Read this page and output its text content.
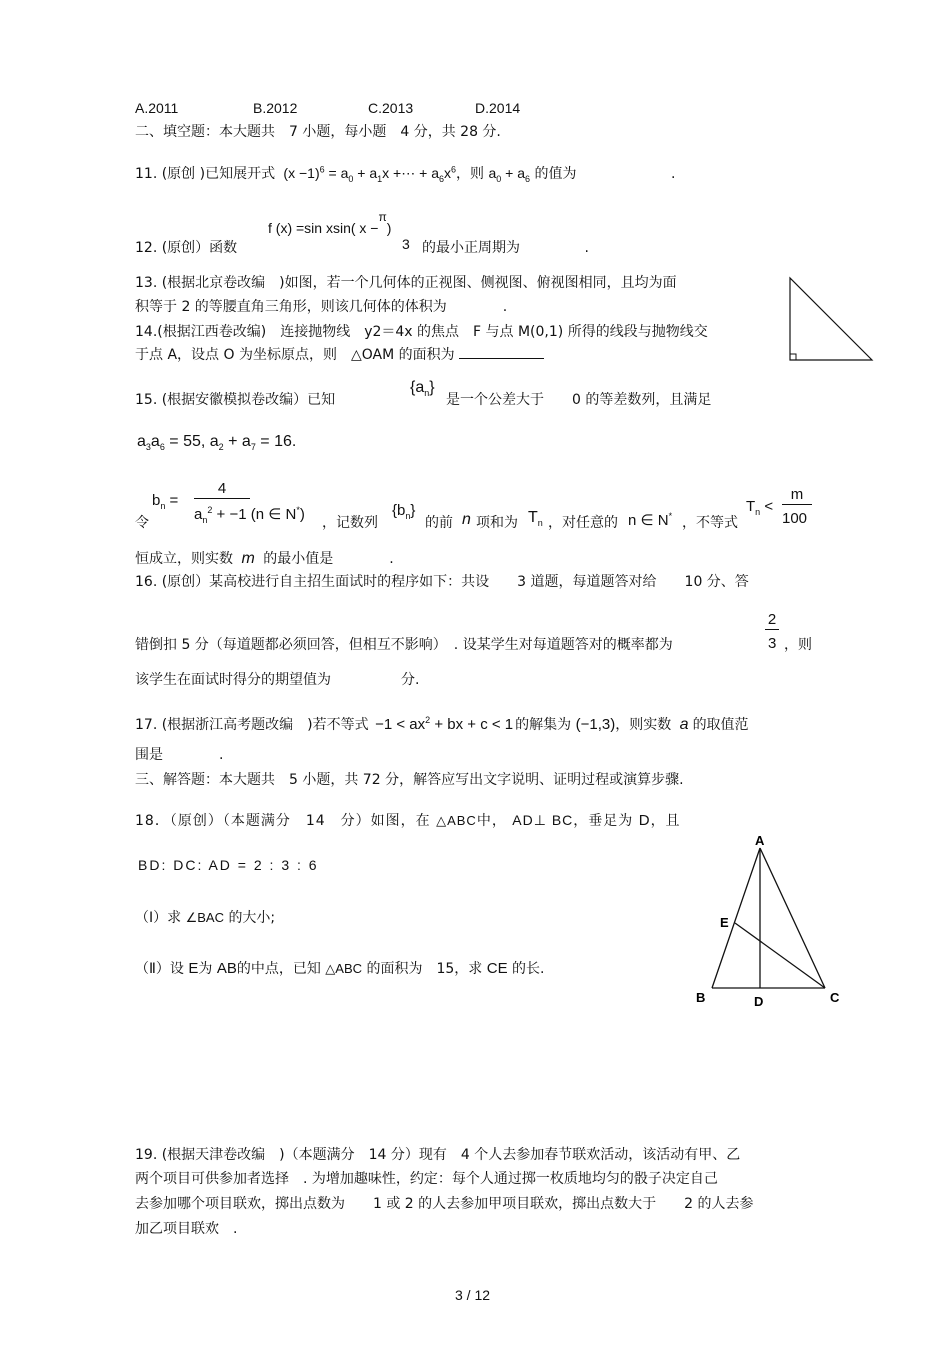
A.2011	B.2012	C.2013	D.2014
二、填空题：本大题共　7 小题，每小题　4 分，共 28 分.
11. (原创 )已知展开式  $(x -1)^6 = a_0 + a_1x$ +⋯ + $a_6x^6$，则 $a_0 + a_6$ 的值为	.
f (x) =sin xsin( x −π)
3
12. (原创）函数	的最小正周期为	.
13. (根据北京卷改编　)如图，若一个几何体的正视图、侧视图、俯视图相同，且均为面
积等于 2 的等腰直角三角形，则该几何体的体积为　　　　.
14.(根据江西卷改编)　连接抛物线　y2＝4x 的焦点　F 与点 M(0,1) 所得的线段与抛物线交
于点 A，设点 O 为坐标原点，则　△OAM 的面积为
15. (根据安徽模拟卷改编）已知
$\{a_n\}$
是一个公差大于　　0 的等差数列，且满足
$a_3a_6 = 55$, $a_2 + a_7 = 16$.
$b_n$ =
4
$a_n^2 + -1$ (n ∈ N*)
令	，记数列
$\{b_n\}$
的前 n 项和为 $T_n$ ，对任意的 n ∈ N* ，不等式
$T_n$ <
m
100
恒成立，则实数 m 的最小值是　　　　.
16. (原创）某高校进行自主招生面试时的程序如下：共设　　3 道题，每道题答对给　　10 分、答
错倒扣 5 分（每道题都必须回答，但相互不影响）　. 设某学生对每道题答对的概率都为
2
3 ，则
该学生在面试时得分的期望值为　　　　　分.
17. (根据浙江高考题改编　)若不等式 $-1 < ax^2$ + bx + c < 1 的解集为 (−1,3)，则实数 a 的取值范
围是　　　　.
三、解答题：本大题共　5 小题，共 72 分，解答应写出文字说明、证明过程或演算步骤.
18．（原创）（本题满分　14　分）如图，在 △ABC中， AD⊥ BC，垂足为 D，且
BD: DC: AD = 2 : 3 : 6
（Ⅰ）求 ∠BAC 的大小;
（Ⅱ）设 E为 AB的中点，已知 △ABC 的面积为　15，求 CE 的长.
A
B	C
D
E
19. (根据天津卷改编　)（本题满分　14 分）现有　4 个人去参加春节联欢活动，该活动有甲、乙
两个项目可供参加者选择　. 为增加趣味性，约定：每个人通过掷一枚质地均匀的骰子决定自己
去参加哪个项目联欢，掷出点数为　　1 或 2 的人去参加甲项目联欢，掷出点数大于　　2 的人去参
加乙项目联欢　.
3 / 12
